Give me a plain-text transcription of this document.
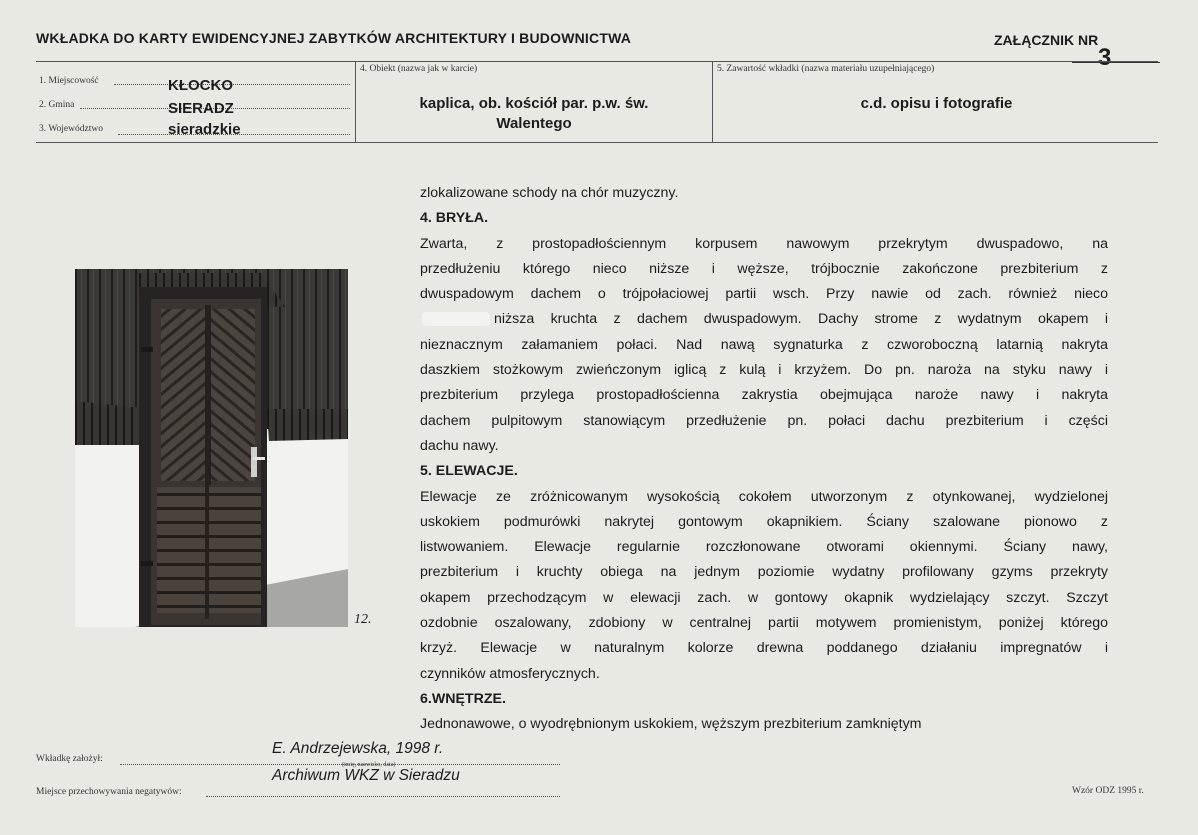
WKŁADKA DO KARTY EWIDENCYJNEJ ZABYTKÓW ARCHITEKTURY I BUDOWNICTWA	ZAŁĄCZNIK NR
3
1. Miejscowość	KŁOCKO
2. Gmina	SIERADZ
3. Województwo	sieradzkie
4. Obiekt (nazwa jak w karcie)
kaplica, ob. kościół par. p.w. św.
Walentego
5. Zawartość wkładki (nazwa materiału uzupełniającego)
c.d. opisu i fotografie
zlokalizowane schody na chór muzyczny.
4. BRYŁA.
Zwarta, z prostopadłościennym korpusem nawowym przekrytym dwuspadowo, na
przedłużeniu którego nieco niższe i węższe, trójbocznie zakończone prezbiterium z
dwuspadowym dachem o trójpołaciowej partii wsch. Przy nawie od zach. również nieco
niższa kruchta z dachem dwuspadowym. Dachy strome z wydatnym okapem i
nieznacznym załamaniem połaci. Nad nawą sygnaturka z czworoboczną latarnią nakryta
daszkiem stożkowym zwieńczonym iglicą z kulą i krzyżem. Do pn. naroża na styku nawy i
prezbiterium przylega prostopadłościenna zakrystia obejmująca naroże nawy i nakryta
dachem pulpitowym stanowiącym przedłużenie pn. połaci dachu prezbiterium i części
dachu nawy.
5. ELEWACJE.
Elewacje ze zróżnicowanym wysokością cokołem utworzonym z otynkowanej, wydzielonej
uskokiem podmurówki nakrytej gontowym okapnikiem. Ściany szalowane pionowo z
listwowaniem. Elewacje regularnie rozczłonowane otworami okiennymi. Ściany nawy,
prezbiterium i kruchty obiega na jednym poziomie wydatny profilowany gzyms przekryty
okapem przechodzącym w elewacji zach. w gontowy okapnik wydzielający szczyt. Szczyt
ozdobnie oszalowany, zdobiony w centralnej partii motywem promienistym, poniżej którego
krzyż. Elewacje w naturalnym kolorze drewna poddanego działaniu impregnatów i
czynników atmosferycznych.
6.WNĘTRZE.
Jednonawowe, o wyodrębnionym uskokiem, węższym prezbiterium zamkniętym
12.
Wkładkę założył:
E. Andrzejewska, 1998 r.
(imię, nazwisko, data)
Miejsce przechowywania negatywów:
Archiwum WKZ w Sieradzu
Wzór ODZ 1995 r.
